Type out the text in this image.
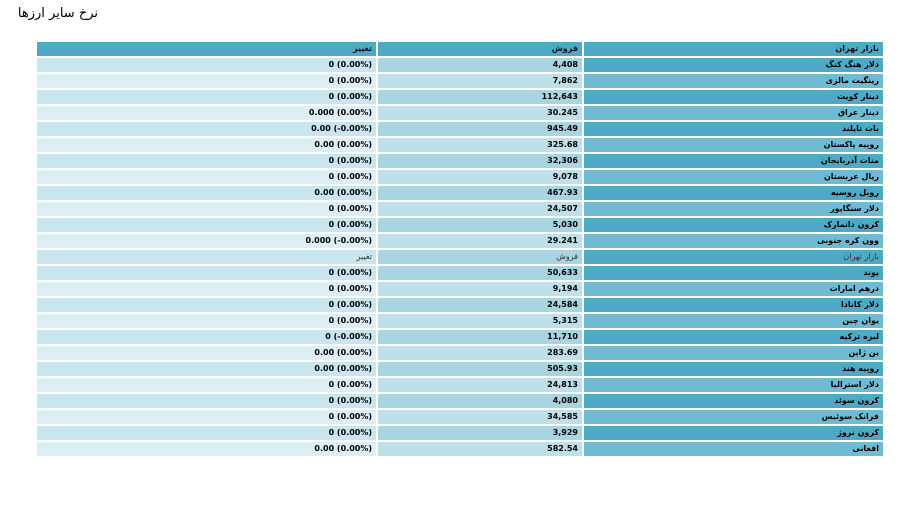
نرخ سایر ارزها
تغییر	فروش	بازار تهران
0 (0.00%)	4,408	دلار هنگ کنگ
0 (0.00%)	7,862	رینگیت مالزی
0 (0.00%)	112,643	دینار کویت
0.000 (0.00%)	30.245	دینار عراق
0.00 (-0.00%)	945.49	بات تایلند
0.00 (0.00%)	325.68	روپیه پاکستان
0 (0.00%)	32,306	منات آذربایجان
0 (0.00%)	9,078	ریال عربستان
0.00 (0.00%)	467.93	روبل روسیه
0 (0.00%)	24,507	دلار سنگاپور
0 (0.00%)	5,030	کرون دانمارک
0.000 (-0.00%)	29.241	وون کره جنوبی
تغییر	فروش	بازار تهران
0 (0.00%)	50,633	پوند
0 (0.00%)	9,194	درهم امارات
0 (0.00%)	24,584	دلار کانادا
0 (0.00%)	5,315	یوان چین
0 (-0.00%)	11,710	لیره ترکیه
0.00 (0.00%)	283.69	ین ژاپن
0.00 (0.00%)	505.93	روپیه هند
0 (0.00%)	24,813	دلار استرالیا
0 (0.00%)	4,080	کرون سوئد
0 (0.00%)	34,585	فرانک سوئیس
0 (0.00%)	3,929	کرون نروژ
0.00 (0.00%)	582.54	افغانی
